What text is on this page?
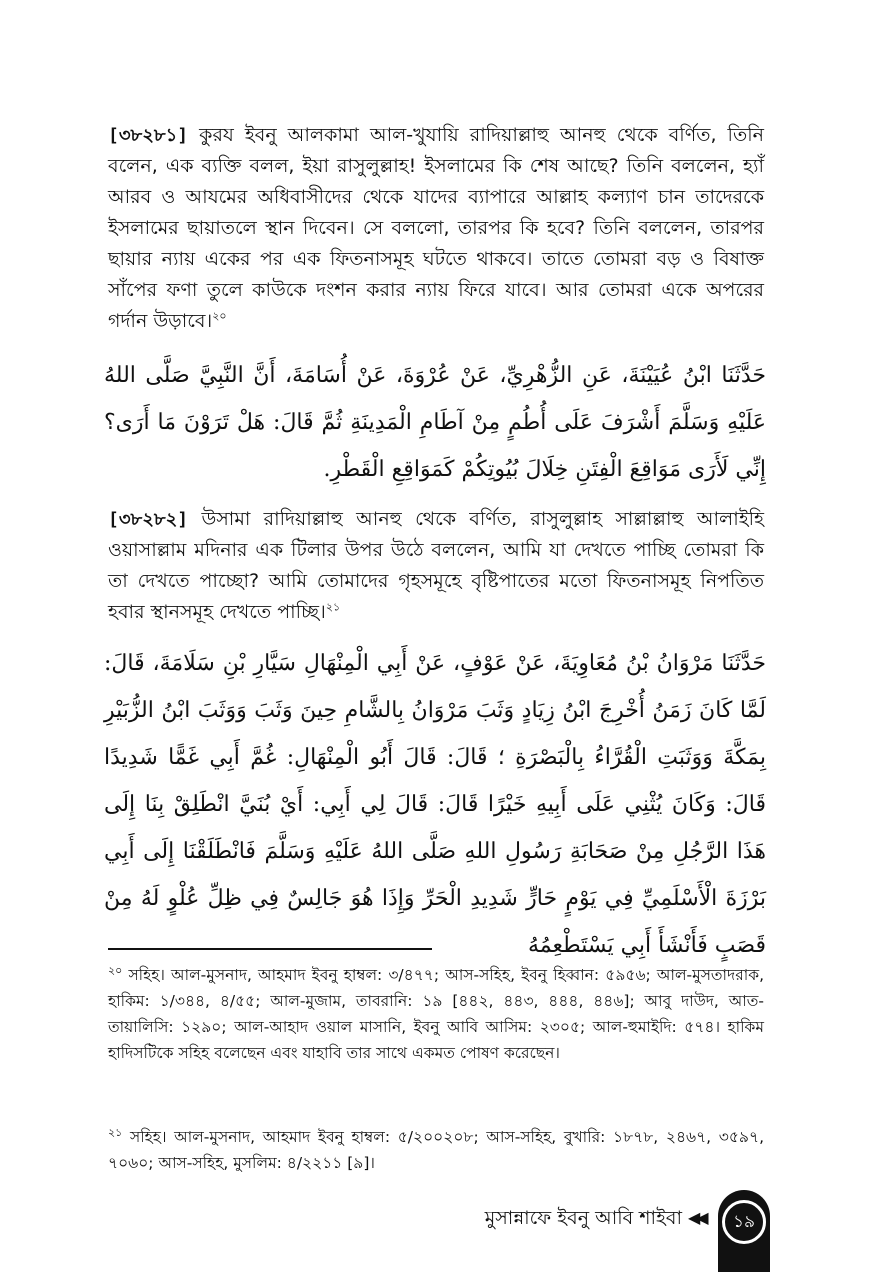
[৩৮২৮১] কুরয ইবনু আলকামা আল-খুযায়ি রাদিয়াল্লাহু আনহু থেকে বর্ণিত, তিনি বলেন, এক ব্যক্তি বলল, ইয়া রাসুলুল্লাহ! ইসলামের কি শেষ আছে? তিনি বললেন, হ্যাঁ আরব ও আযমের অধিবাসীদের থেকে যাদের ব্যাপারে আল্লাহ কল্যাণ চান তাদেরকে ইসলামের ছায়াতলে স্থান দিবেন। সে বললো, তারপর কি হবে? তিনি বললেন, তারপর ছায়ার ন্যায় একের পর এক ফিতনাসমূহ ঘটতে থাকবে। তাতে তোমরা বড় ও বিষাক্ত সাঁপের ফণা তুলে কাউকে দংশন করার ন্যায় ফিরে যাবে। আর তোমরা একে অপরের গর্দান উড়াবে।$^{২০}$

حَدَّثَنَا ابْنُ عُيَيْنَةَ، عَنِ الزُّهْرِيِّ، عَنْ عُرْوَةَ، عَنْ أُسَامَةَ، أَنَّ النَّبِيَّ صَلَّى اللهُ عَلَيْهِ وَسَلَّمَ أَشْرَفَ عَلَى أُطُمٍ مِنْ آطَامِ الْمَدِينَةِ ثُمَّ قَالَ: هَلْ تَرَوْنَ مَا أَرَى؟ إِنِّي لَأَرَى مَوَاقِعَ الْفِتَنِ خِلَالَ بُيُوتِكُمْ كَمَوَاقِعِ الْقَطْرِ.

[৩৮২৮২] উসামা রাদিয়াল্লাহু আনহু থেকে বর্ণিত, রাসুলুল্লাহ সাল্লাল্লাহু আলাইহি ওয়াসাল্লাম মদিনার এক টিলার উপর উঠে বললেন, আমি যা দেখতে পাচ্ছি তোমরা কি তা দেখতে পাচ্ছো? আমি তোমাদের গৃহসমূহে বৃষ্টিপাতের মতো ফিতনাসমূহ নিপতিত হবার স্থানসমূহ দেখতে পাচ্ছি।$^{২১}$

حَدَّثَنَا مَرْوَانُ بْنُ مُعَاوِيَةَ، عَنْ عَوْفٍ، عَنْ أَبِي الْمِنْهَالِ سَيَّارِ بْنِ سَلَامَةَ، قَالَ: لَمَّا كَانَ زَمَنُ أُخْرِجَ ابْنُ زِيَادٍ وَثَبَ مَرْوَانُ بِالشَّامِ حِينَ وَثَبَ وَوَثَبَ ابْنُ الزُّبَيْرِ بِمَكَّةَ وَوَثَبَتِ الْقُرَّاءُ بِالْبَصْرَةِ ؛ قَالَ: قَالَ أَبُو الْمِنْهَالِ: غُمَّ أَبِي غَمًّا شَدِيدًا قَالَ: وَكَانَ يُثْنِي عَلَى أَبِيهِ خَيْرًا قَالَ: قَالَ لِي أَبِي: أَيْ بُنَيَّ انْطَلِقْ بِنَا إِلَى هَذَا الرَّجُلِ مِنْ صَحَابَةِ رَسُولِ اللهِ صَلَّى اللهُ عَلَيْهِ وَسَلَّمَ فَانْطَلَقْنَا إِلَى أَبِي بَرْزَةَ الْأَسْلَمِيِّ فِي يَوْمٍ حَارٍّ شَدِيدِ الْحَرِّ وَإِذَا هُوَ جَالِسٌ فِي ظِلِّ عُلْوٍ لَهُ مِنْ قَصَبٍ فَأَنْشَأَ أَبِي يَسْتَطْعِمُهُ

$^{২০}$ সহিহ। আল-মুসনাদ, আহমাদ ইবনু হাম্বল: ৩/৪৭৭; আস-সহিহ, ইবনু হিব্বান: ৫৯৫৬; আল-মুসতাদরাক, হাকিম: ১/৩৪৪, ৪/৫৫; আল-মুজাম, তাবরানি: ১৯ [৪৪২, ৪৪৩, ৪৪৪, ৪৪৬]; আবু দাউদ, আত-তায়ালিসি: ১২৯০; আল-আহাদ ওয়াল মাসানি, ইবনু আবি আসিম: ২৩০৫; আল-হুমাইদি: ৫৭৪। হাকিম হাদিসটিকে সহিহ বলেছেন এবং যাহাবি তার সাথে একমত পোষণ করেছেন।

$^{২১}$ সহিহ। আল-মুসনাদ, আহমাদ ইবনু হাম্বল: ৫/২০০২০৮; আস-সহিহ, বুখারি: ১৮৭৮, ২৪৬৭, ৩৫৯৭, ৭০৬০; আস-সহিহ, মুসলিম: ৪/২২১১ [৯]।

মুসান্নাফে ইবনু আবি শাইবা ◀◀	১৯
